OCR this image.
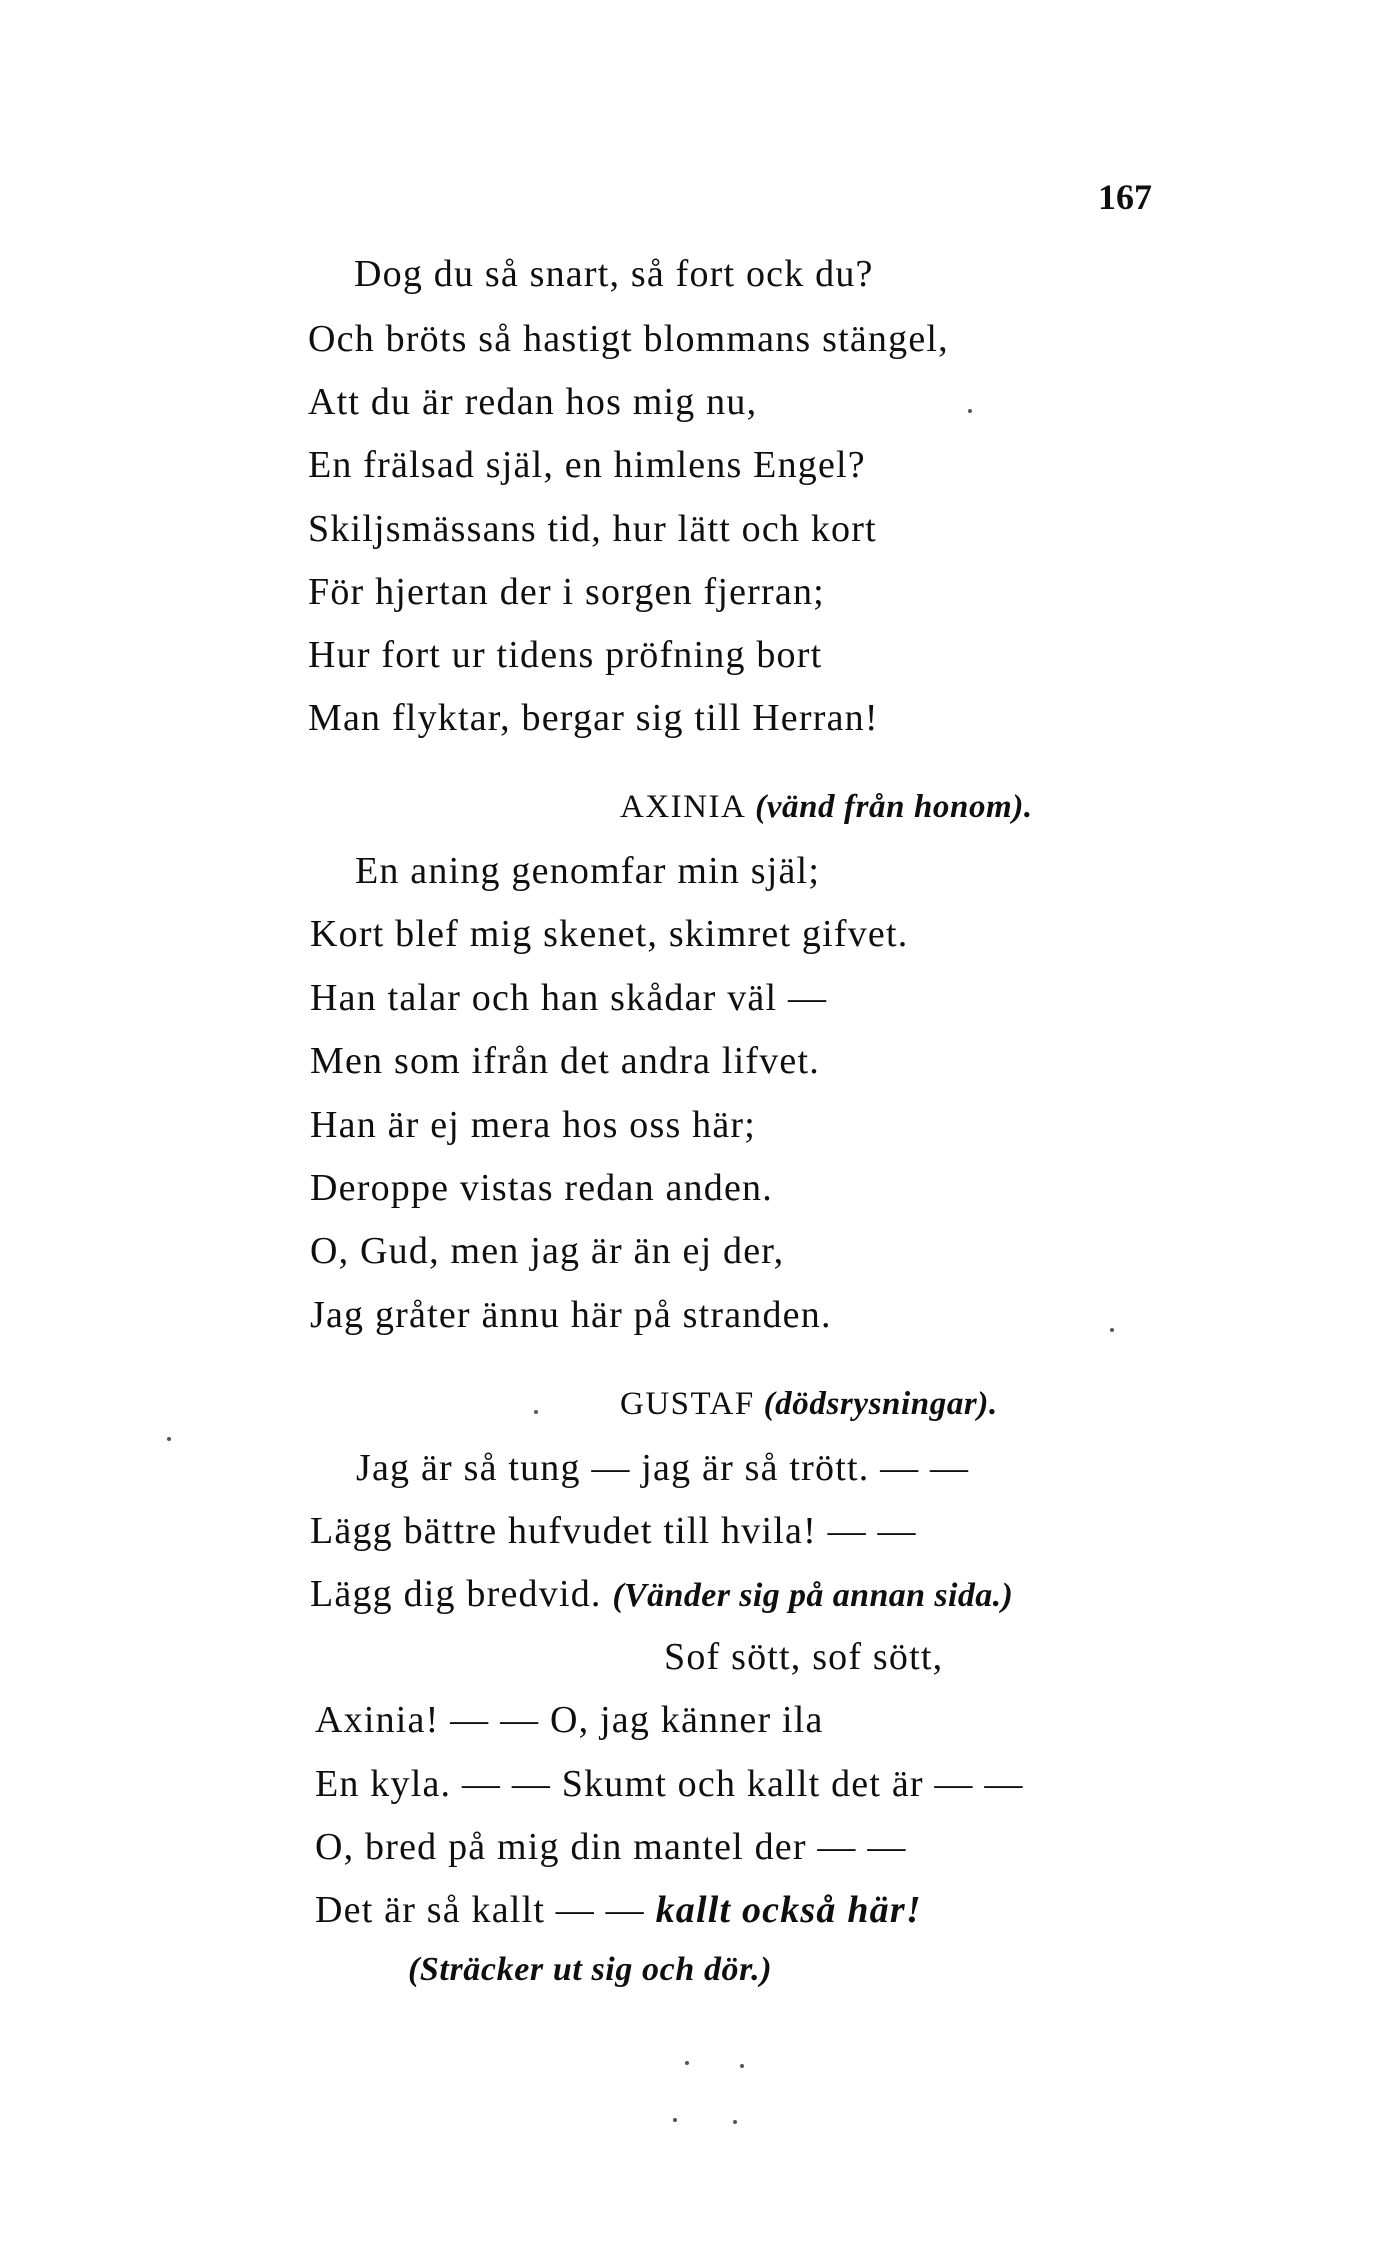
167
Dog du så snart, så fort ock du?
Och bröts så hastigt blommans stängel,
Att du är redan hos mig nu,
En frälsad själ, en himlens Engel?
Skiljsmässans tid, hur lätt och kort
För hjertan der i sorgen fjerran;
Hur fort ur tidens pröfning bort
Man flyktar, bergar sig till Herran!
AXINIA (vänd från honom).
En aning genomfar min själ;
Kort blef mig skenet, skimret gifvet.
Han talar och han skådar väl —
Men som ifrån det andra lifvet.
Han är ej mera hos oss här;
Deroppe vistas redan anden.
O, Gud, men jag är än ej der,
Jag gråter ännu här på stranden.
GUSTAF (dödsrysningar).
Jag är så tung — jag är så trött. — —
Lägg bättre hufvudet till hvila! — —
Lägg dig bredvid. (Vänder sig på annan sida.)
Sof sött, sof sött,
Axinia! — — O, jag känner ila
En kyla. — — Skumt och kallt det är — —
O, bred på mig din mantel der — —
Det är så kallt — — kallt också här!
(Sträcker ut sig och dör.)
